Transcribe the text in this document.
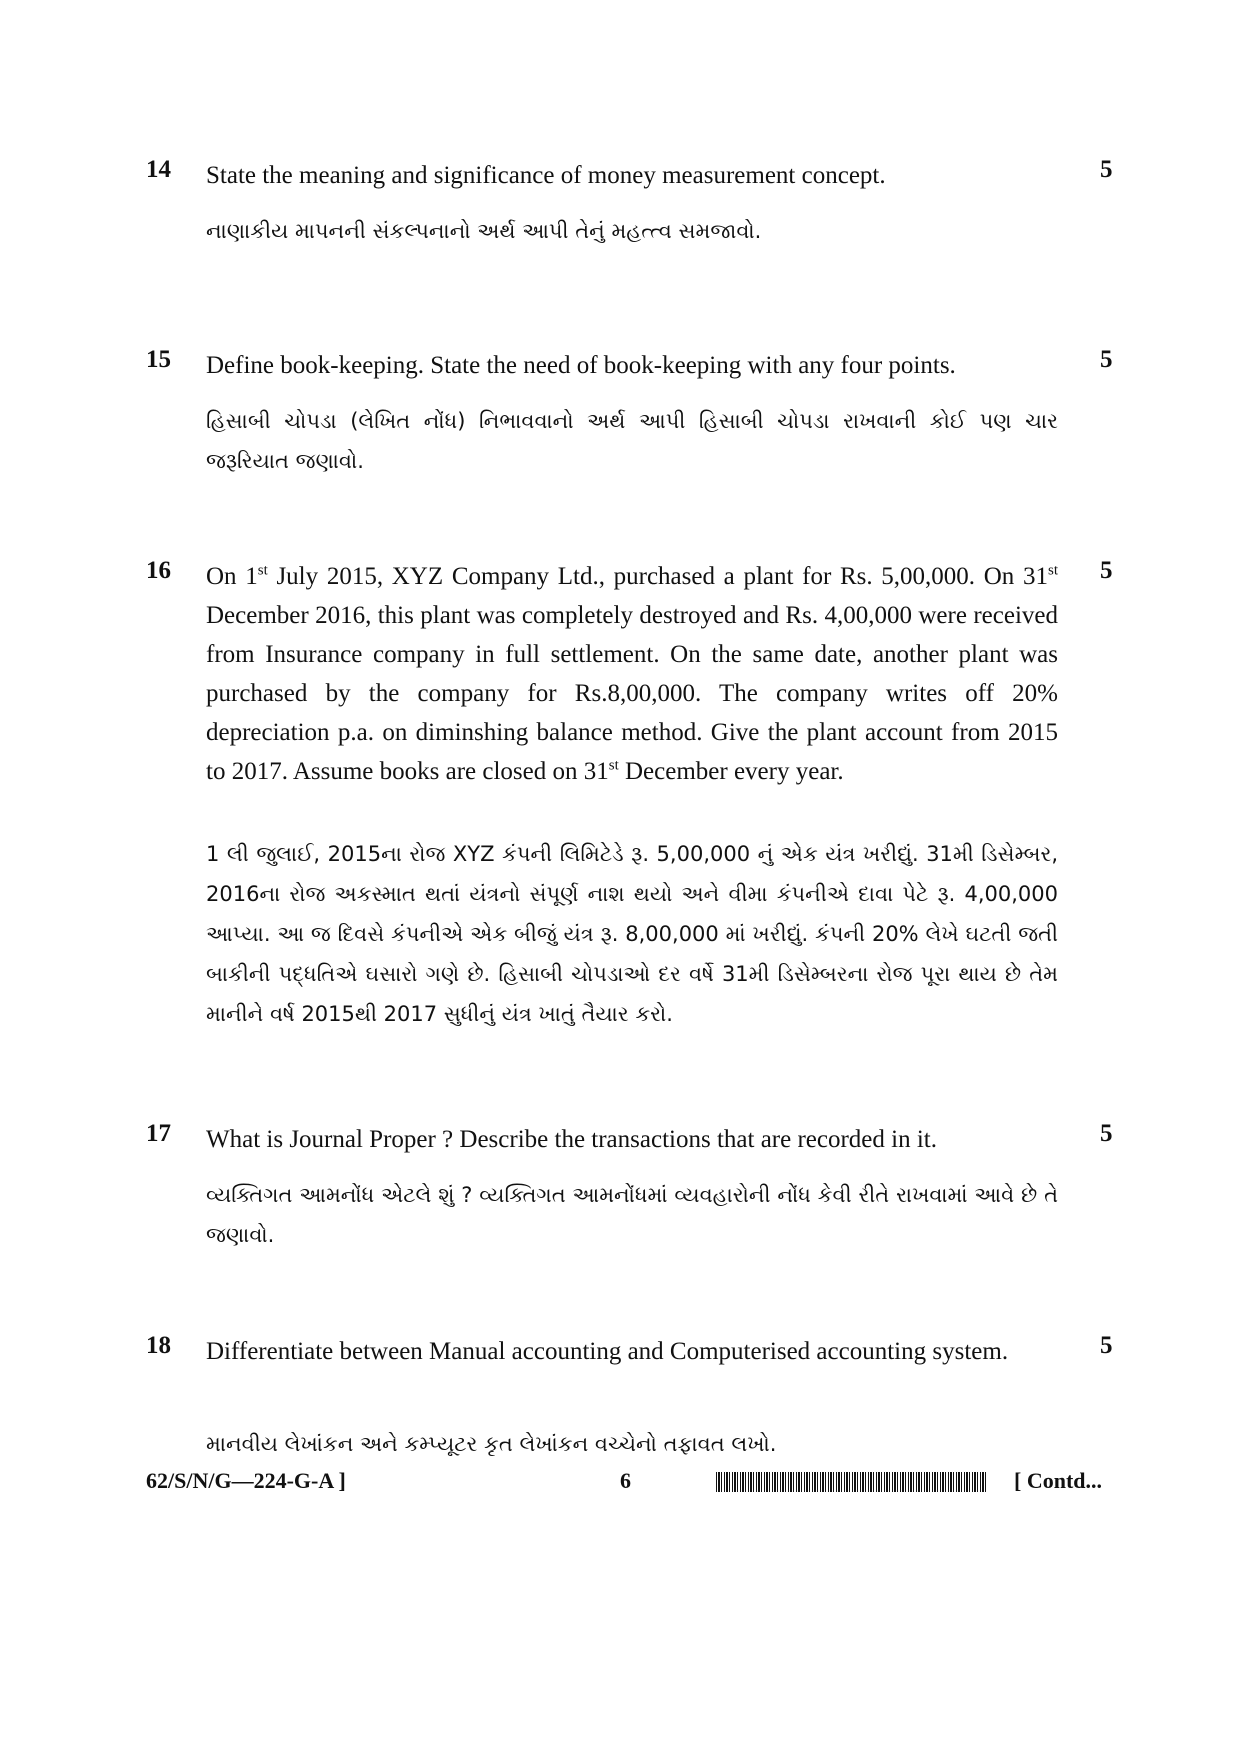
14 State the meaning and significance of money measurement concept.	5
નાણાકીય માપનની સંકલ્પનાનો અર્થ આપી તેનું મહત્ત્વ સમજાવો.
15 Define book-keeping. State the need of book-keeping with any four points.	5
હિસાબી ચોપડા (લેખિત નોંધ) નિભાવવાનો અર્થ આપી હિસાબી ચોપડા રાખવાની કોઈ પણ ચાર જરૂરિયાત જણાવો.
16 On 1st July 2015, XYZ Company Ltd., purchased a plant for Rs. 5,00,000. On 31st December 2016, this plant was completely destroyed and Rs. 4,00,000 were received from Insurance company in full settlement. On the same date, another plant was purchased by the company for Rs.8,00,000. The company writes off 20% depreciation p.a. on diminshing balance method. Give the plant account from 2015 to 2017. Assume books are closed on 31st December every year.
5
1 લી જુલાઈ, 2015ના રોજ XYZ કંપની લિમિટેડે રૂ. 5,00,000 નું એક યંત્ર ખરીદ્યું. 31મી ડિસેમ્બર, 2016ના રોજ અકસ્માત થતાં યંત્રનો સંપૂર્ણ નાશ થયો અને વીમા કંપનીએ દાવા પેટે રૂ. 4,00,000 આપ્યા. આ જ દિવસે કંપનીએ એક બીજું યંત્ર રૂ. 8,00,000 માં ખરીદ્યું. કંપની 20% લેખે ઘટતી જતી બાકીની પદ્ધતિએ ઘસારો ગણે છે. હિસાબી ચોપડાઓ દર વર્ષે 31મી ડિસેમ્બરના રોજ પૂરા થાય છે તેમ માનીને વર્ષ 2015થી 2017 સુધીનું યંત્ર ખાતું તૈયાર કરો.
17 What is Journal Proper ? Describe the transactions that are recorded in it.	5
વ્યક્તિગત આમનોંધ એટલે શું ? વ્યક્તિગત આમનોંધમાં વ્યવહારોની નોંધ કેવી રીતે રાખવામાં આવે છે તે જણાવો.
18 Differentiate between Manual accounting and Computerised accounting system.	5
માનવીય લેખાંકન અને કમ્પ્યૂટર કૃત લેખાંકન વચ્ચેનો તફાવત લખો.
62/S/N/G—224-G-A ]	6	[ Contd...
